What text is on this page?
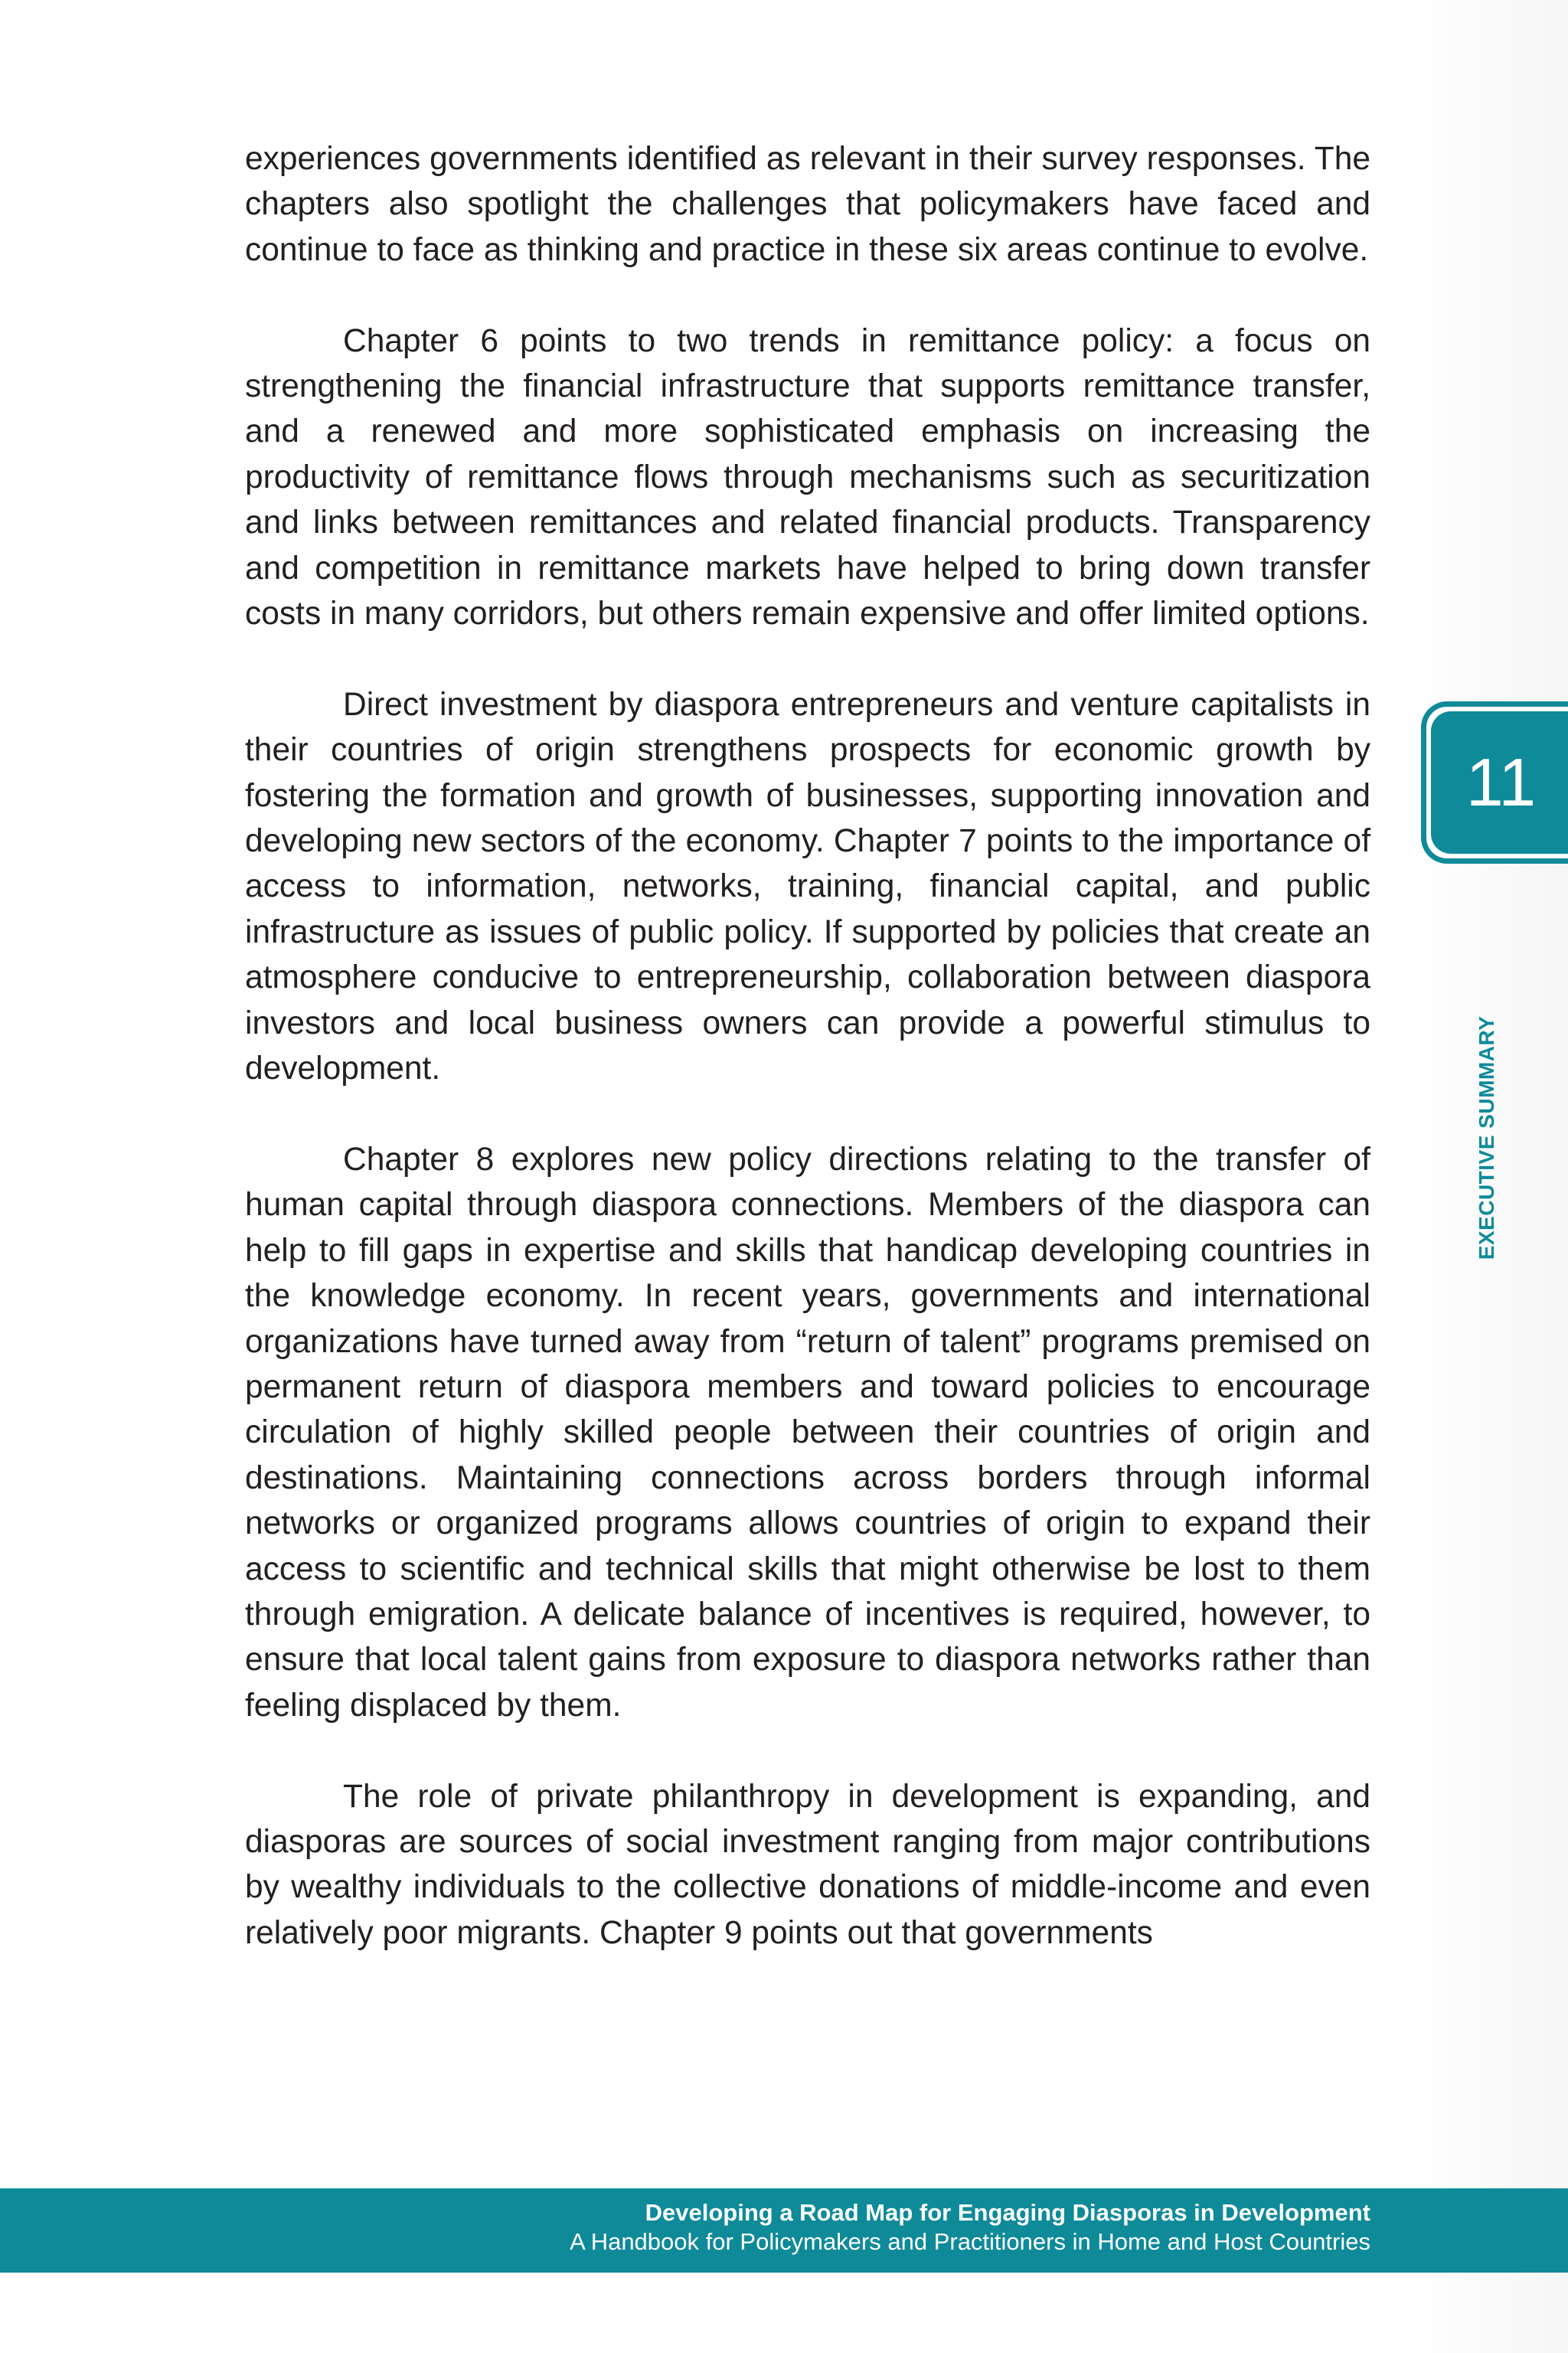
experiences governments identified as relevant in their survey responses. The chapters also spotlight the challenges that policymakers have faced and continue to face as thinking and practice in these six areas continue to evolve.

Chapter 6 points to two trends in remittance policy: a focus on strengthening the financial infrastructure that supports remittance transfer, and a renewed and more sophisticated emphasis on increasing the productivity of remittance flows through mechanisms such as securitization and links between remittances and related financial products. Transparency and competition in remittance markets have helped to bring down transfer costs in many corridors, but others remain expensive and offer limited options.

Direct investment by diaspora entrepreneurs and venture capitalists in their countries of origin strengthens prospects for economic growth by fostering the formation and growth of businesses, supporting innovation and developing new sectors of the economy. Chapter 7 points to the importance of access to information, networks, training, financial capital, and public infrastructure as issues of public policy. If supported by policies that create an atmosphere conducive to entrepreneurship, collaboration between diaspora investors and local business owners can provide a powerful stimulus to development.

Chapter 8 explores new policy directions relating to the transfer of human capital through diaspora connections. Members of the diaspora can help to fill gaps in expertise and skills that handicap developing countries in the knowledge economy. In recent years, governments and international organizations have turned away from “return of talent” programs premised on permanent return of diaspora members and toward policies to encourage circulation of highly skilled people between their countries of origin and destinations. Maintaining connections across borders through informal networks or organized programs allows countries of origin to expand their access to scientific and technical skills that might otherwise be lost to them through emigration. A delicate balance of incentives is required, however, to ensure that local talent gains from exposure to diaspora networks rather than feeling displaced by them.

The role of private philanthropy in development is expanding, and diasporas are sources of social investment ranging from major contributions by wealthy individuals to the collective donations of middle-income and even relatively poor migrants. Chapter 9 points out that governments

11
EXECUTIVE SUMMARY
Developing a Road Map for Engaging Diasporas in Development
A Handbook for Policymakers and Practitioners in Home and Host Countries
